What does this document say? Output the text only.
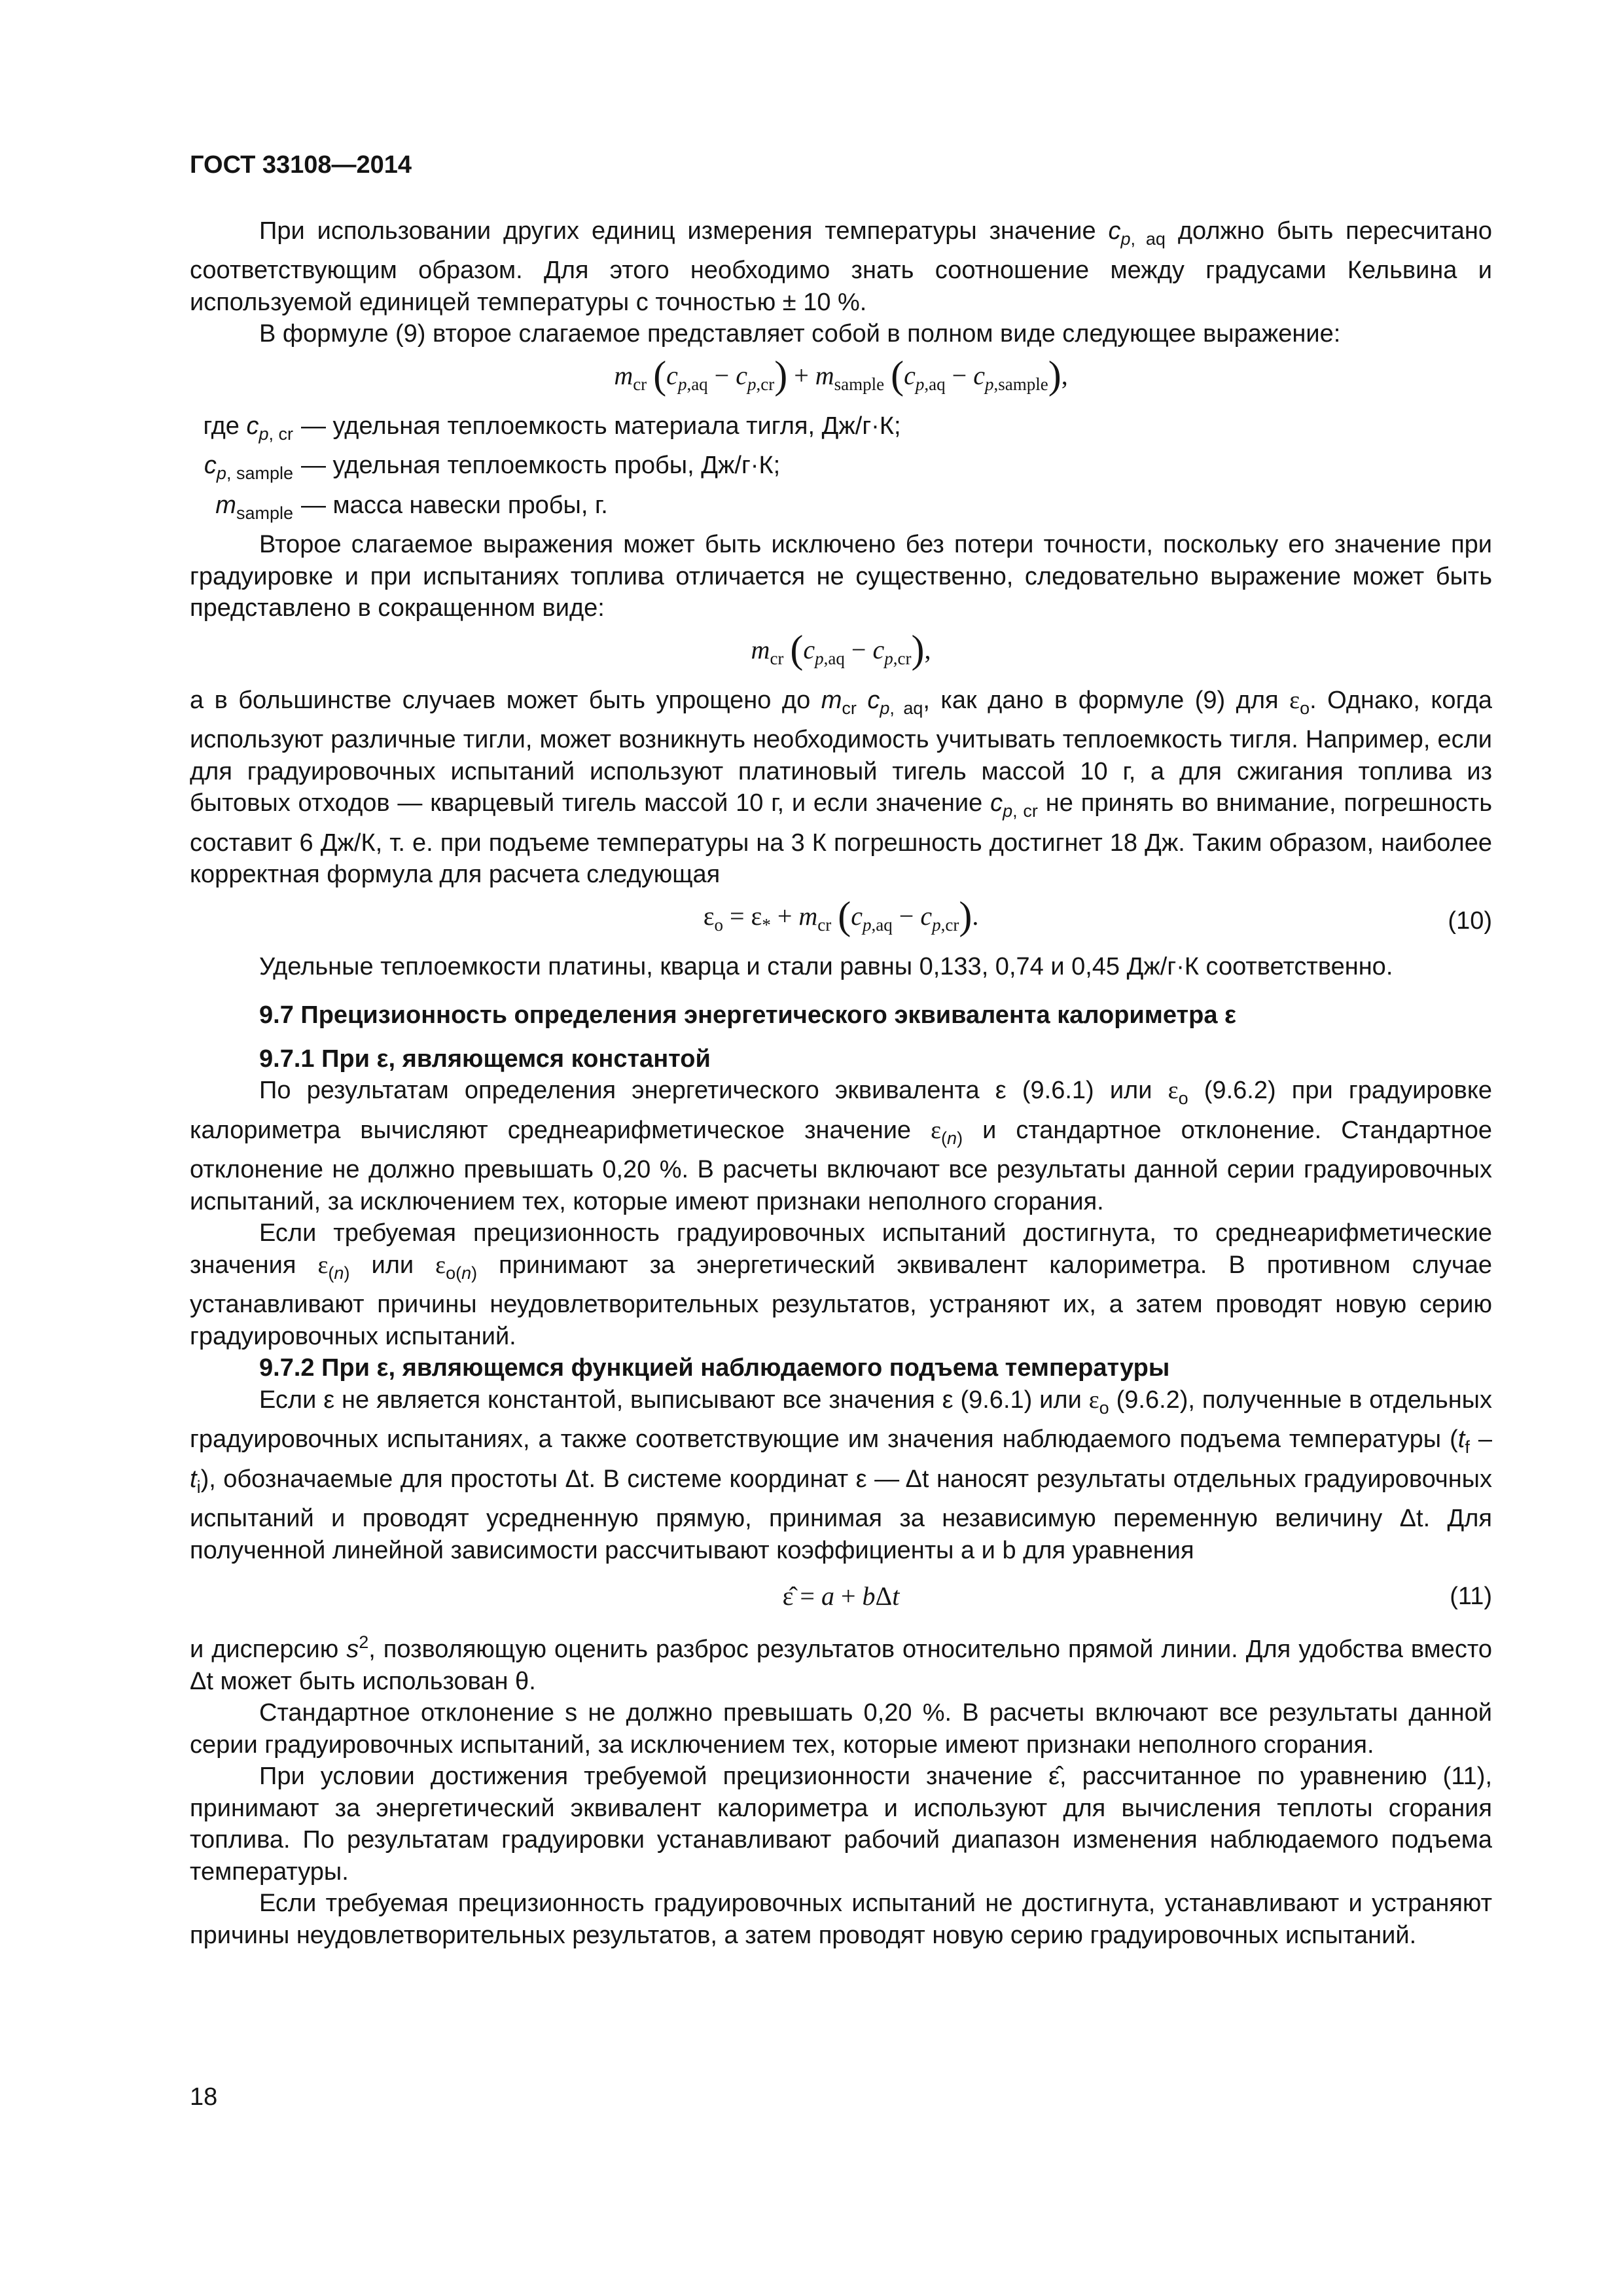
ГОСТ 33108—2014

При использовании других единиц измерения температуры значение $c_{p, aq}$ должно быть пересчитано соответствующим образом. Для этого необходимо знать соотношение между градусами Кельвина и используемой единицей температуры с точностью ± 10 %.

В формуле (9) второе слагаемое представляет собой в полном виде следующее выражение:

$m_{cr}$ $(c_{p,aq} - c_{p,cr}) + m_{sample}$ $(c_{p,aq} - c_{p,sample})$,
где $c_{p, cr}$ — удельная теплоемкость материала тигля, Дж/г·К;
$c_{p, sample}$ — удельная теплоемкость пробы, Дж/г·К;
$m_{sample}$ — масса навески пробы, г.

Второе слагаемое выражения может быть исключено без потери точности, поскольку его значение при градуировке и при испытаниях топлива отличается не существенно, следовательно выражение может быть представлено в сокращенном виде:

$m_{cr}$ $(c_{p,aq} - c_{p,cr})$,

а в большинстве случаев может быть упрощено до $m_{cr}$ $c_{p, aq}$, как дано в формуле (9) для $\varepsilon_o$. Однако, когда используют различные тигли, может возникнуть необходимость учитывать теплоемкость тигля. Например, если для градуировочных испытаний используют платиновый тигель массой 10 г, а для сжигания топлива из бытовых отходов — кварцевый тигель массой 10 г, и если значение $c_{p, cr}$ не принять во внимание, погрешность составит 6 Дж/К, т. е. при подъеме температуры на 3 К погрешность достигнет 18 Дж. Таким образом, наиболее корректная формула для расчета следующая

$\varepsilon_o = \varepsilon_* + m_{cr}$ $(c_{p,aq} - c_{p,cr})$.	(10)

Удельные теплоемкости платины, кварца и стали равны 0,133, 0,74 и 0,45 Дж/г·К соответственно.

9.7 Прецизионность определения энергетического эквивалента калориметра ε

9.7.1 При ε, являющемся константой

По результатам определения энергетического эквивалента ε (9.6.1) или $\varepsilon_o$ (9.6.2) при градуировке калориметра вычисляют среднеарифметическое значение $\varepsilon_{(n)}$ и стандартное отклонение. Стандартное отклонение не должно превышать 0,20 %. В расчеты включают все результаты данной серии градуировочных испытаний, за исключением тех, которые имеют признаки неполного сгорания.

Если требуемая прецизионность градуировочных испытаний достигнута, то среднеарифметические значения $\varepsilon_{(n)}$ или $\varepsilon_{o(n)}$ принимают за энергетический эквивалент калориметра. В противном случае устанавливают причины неудовлетворительных результатов, устраняют их, а затем проводят новую серию градуировочных испытаний.

9.7.2 При ε, являющемся функцией наблюдаемого подъема температуры

Если ε не является константой, выписывают все значения ε (9.6.1) или $\varepsilon_o$ (9.6.2), полученные в отдельных градуировочных испытаниях, а также соответствующие им значения наблюдаемого подъема температуры $(t_f - t_i)$, обозначаемые для простоты Δt. В системе координат ε — Δt наносят результаты отдельных градуировочных испытаний и проводят усредненную прямую, принимая за независимую переменную величину Δt. Для полученной линейной зависимости рассчитывают коэффициенты a и b для уравнения

ε̂ = a + bΔt	(11)

и дисперсию $s^2$, позволяющую оценить разброс результатов относительно прямой линии. Для удобства вместо Δt может быть использован θ.

Стандартное отклонение s не должно превышать 0,20 %. В расчеты включают все результаты данной серии градуировочных испытаний, за исключением тех, которые имеют признаки неполного сгорания.

При условии достижения требуемой прецизионности значение ε̂, рассчитанное по уравнению (11), принимают за энергетический эквивалент калориметра и используют для вычисления теплоты сгорания топлива. По результатам градуировки устанавливают рабочий диапазон изменения наблюдаемого подъема температуры.

Если требуемая прецизионность градуировочных испытаний не достигнута, устанавливают и устраняют причины неудовлетворительных результатов, а затем проводят новую серию градуировочных испытаний.

18
